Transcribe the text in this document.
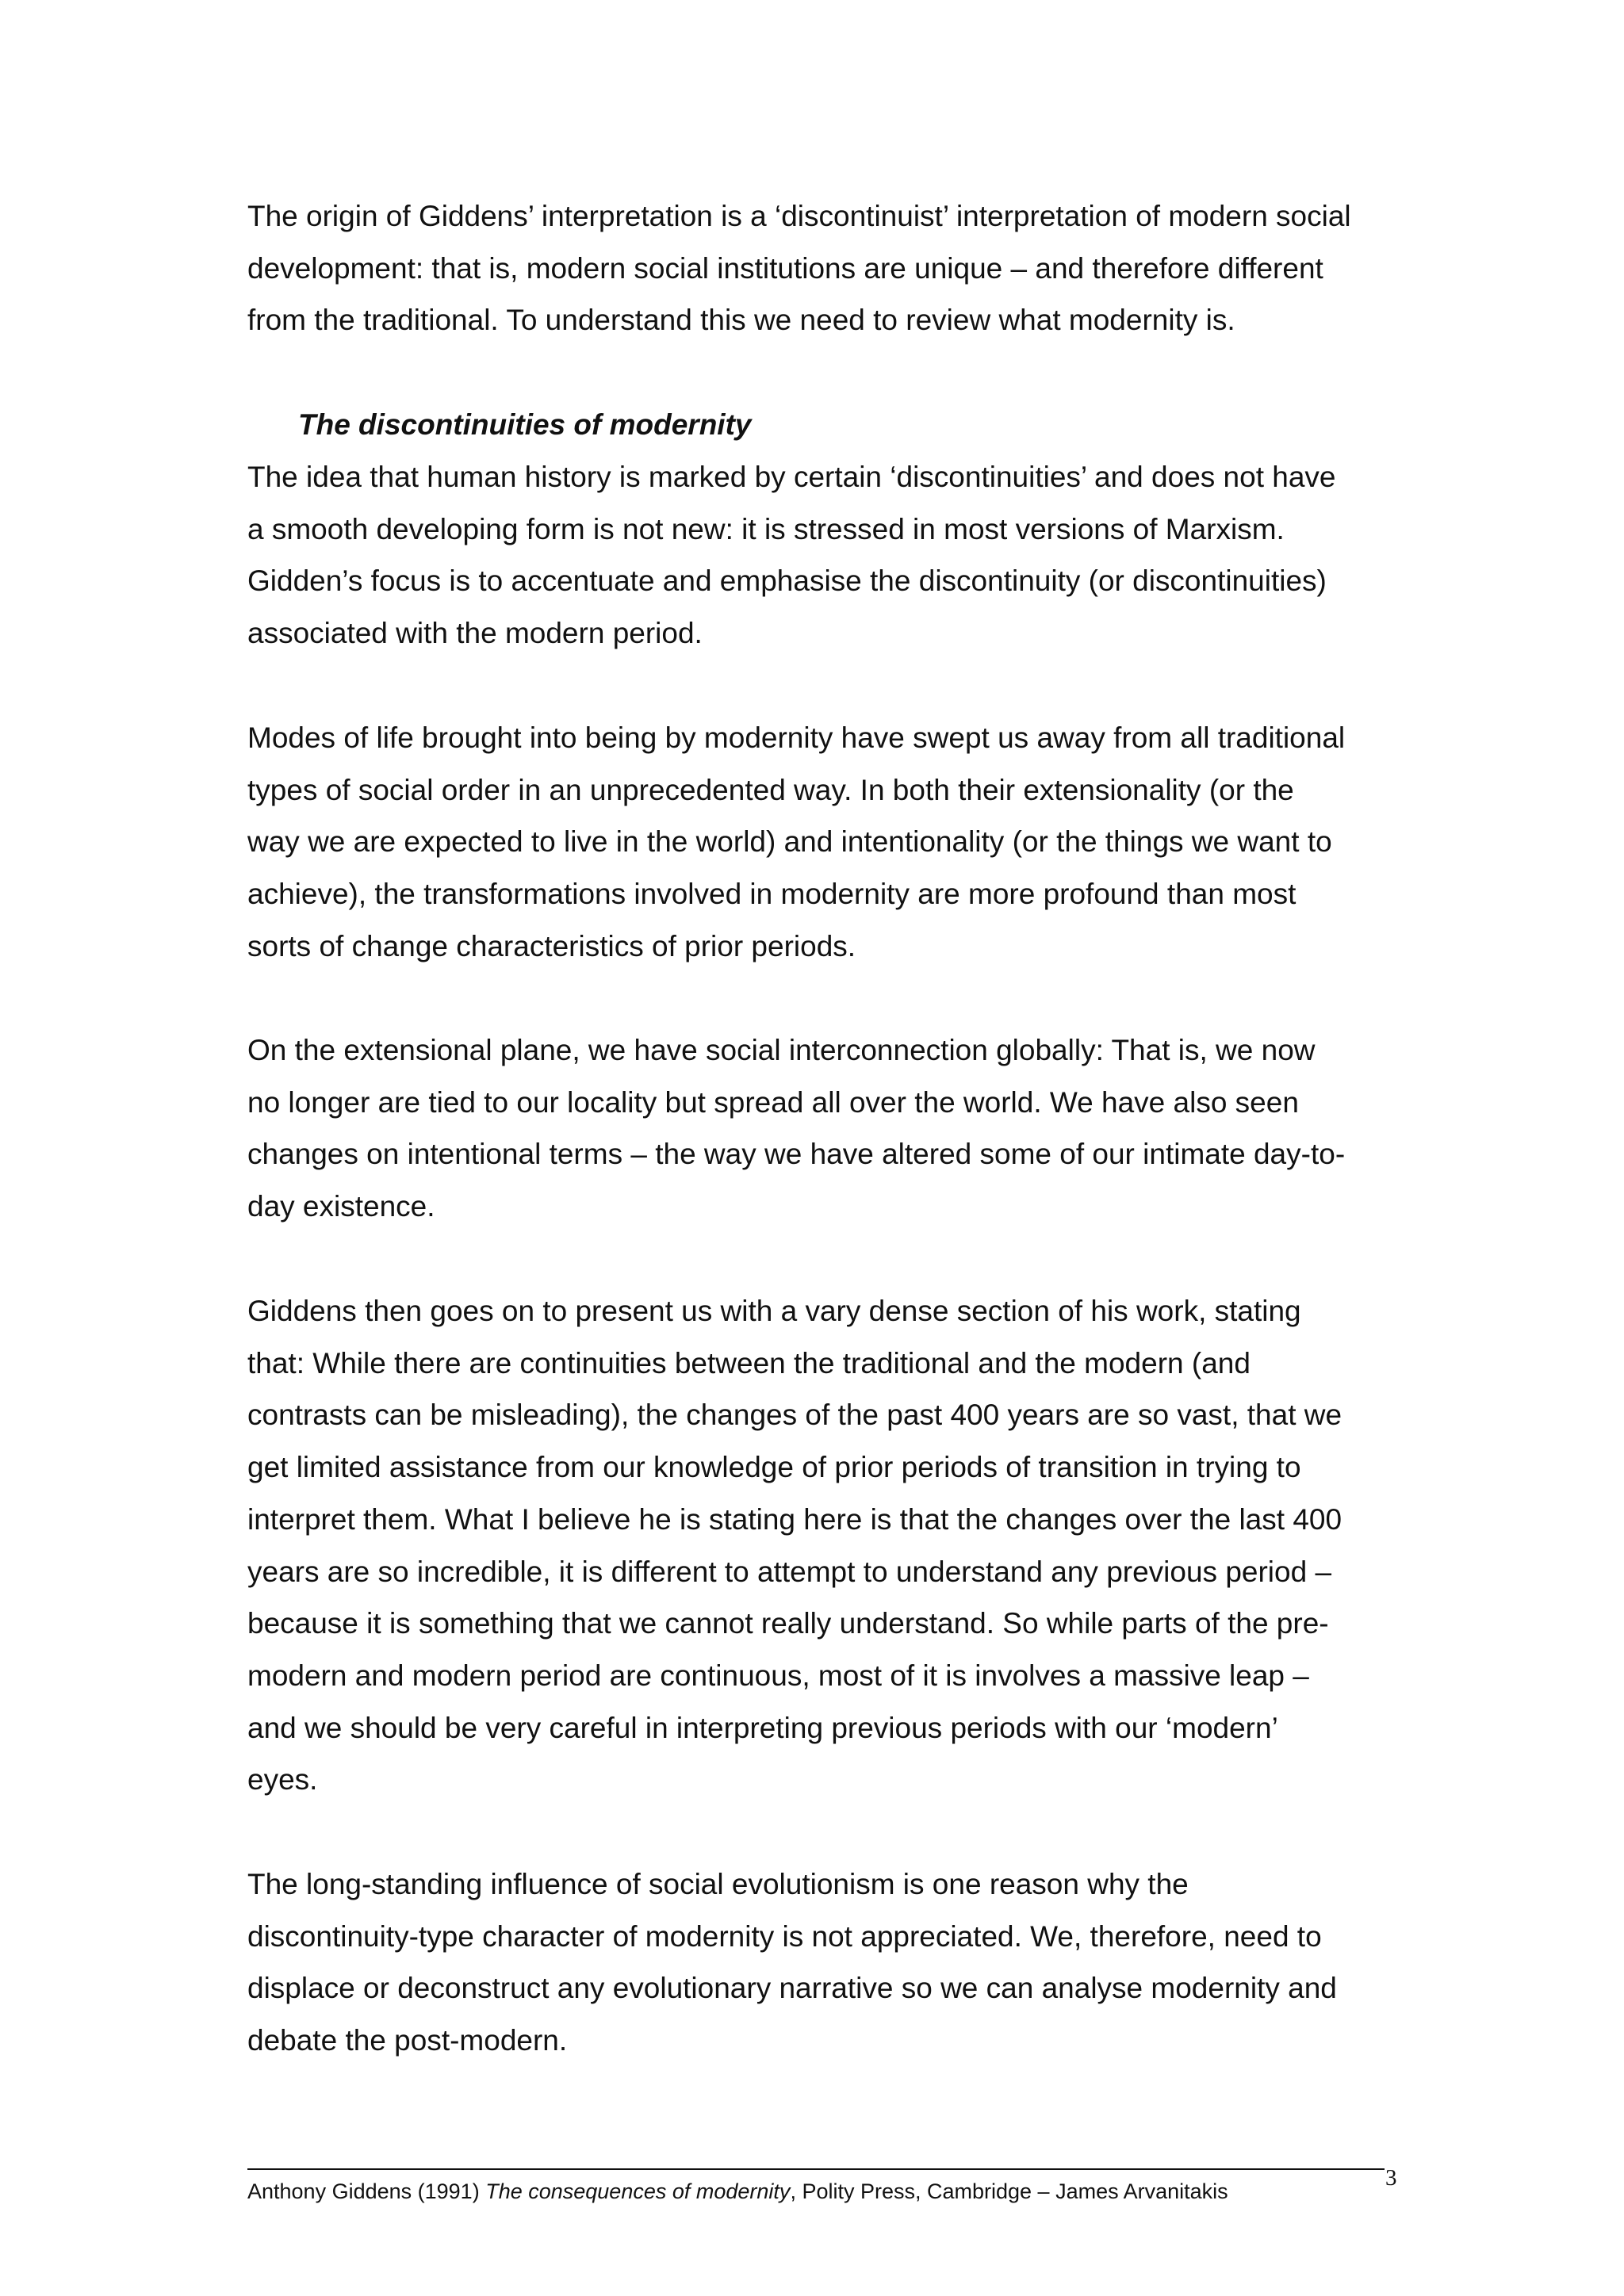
The origin of Giddens’ interpretation is a ‘discontinuist’ interpretation of modern social
development: that is, modern social institutions are unique – and therefore different
from the traditional. To understand this we need to review what modernity is.
The discontinuities of modernity
The idea that human history is marked by certain ‘discontinuities’ and does not have
a smooth developing form is not new: it is stressed in most versions of Marxism.
Gidden’s focus is to accentuate and emphasise the discontinuity (or discontinuities)
associated with the modern period.
Modes of life brought into being by modernity have swept us away from all traditional
types of social order in an unprecedented way. In both their extensionality (or the
way we are expected to live in the world) and intentionality (or the things we want to
achieve), the transformations involved in modernity are more profound than most
sorts of change characteristics of prior periods.
On the extensional plane, we have social interconnection globally: That is, we now
no longer are tied to our locality but spread all over the world. We have also seen
changes on intentional terms – the way we have altered some of our intimate day-to-
day existence.
Giddens then goes on to present us with a vary dense section of his work, stating
that: While there are continuities between the traditional and the modern (and
contrasts can be misleading), the changes of the past 400 years are so vast, that we
get limited assistance from our knowledge of prior periods of transition in trying to
interpret them. What I believe he is stating here is that the changes over the last 400
years are so incredible, it is different to attempt to understand any previous period –
because it is something that we cannot really understand. So while parts of the pre-
modern and modern period are continuous, most of it is involves a massive leap –
and we should be very careful in interpreting previous periods with our ‘modern’
eyes.
The long-standing influence of social evolutionism is one reason why the
discontinuity-type character of modernity is not appreciated. We, therefore, need to
displace or deconstruct any evolutionary narrative so we can analyse modernity and
debate the post-modern.
Anthony Giddens (1991) The consequences of modernity, Polity Press, Cambridge – James Arvanitakis
3
